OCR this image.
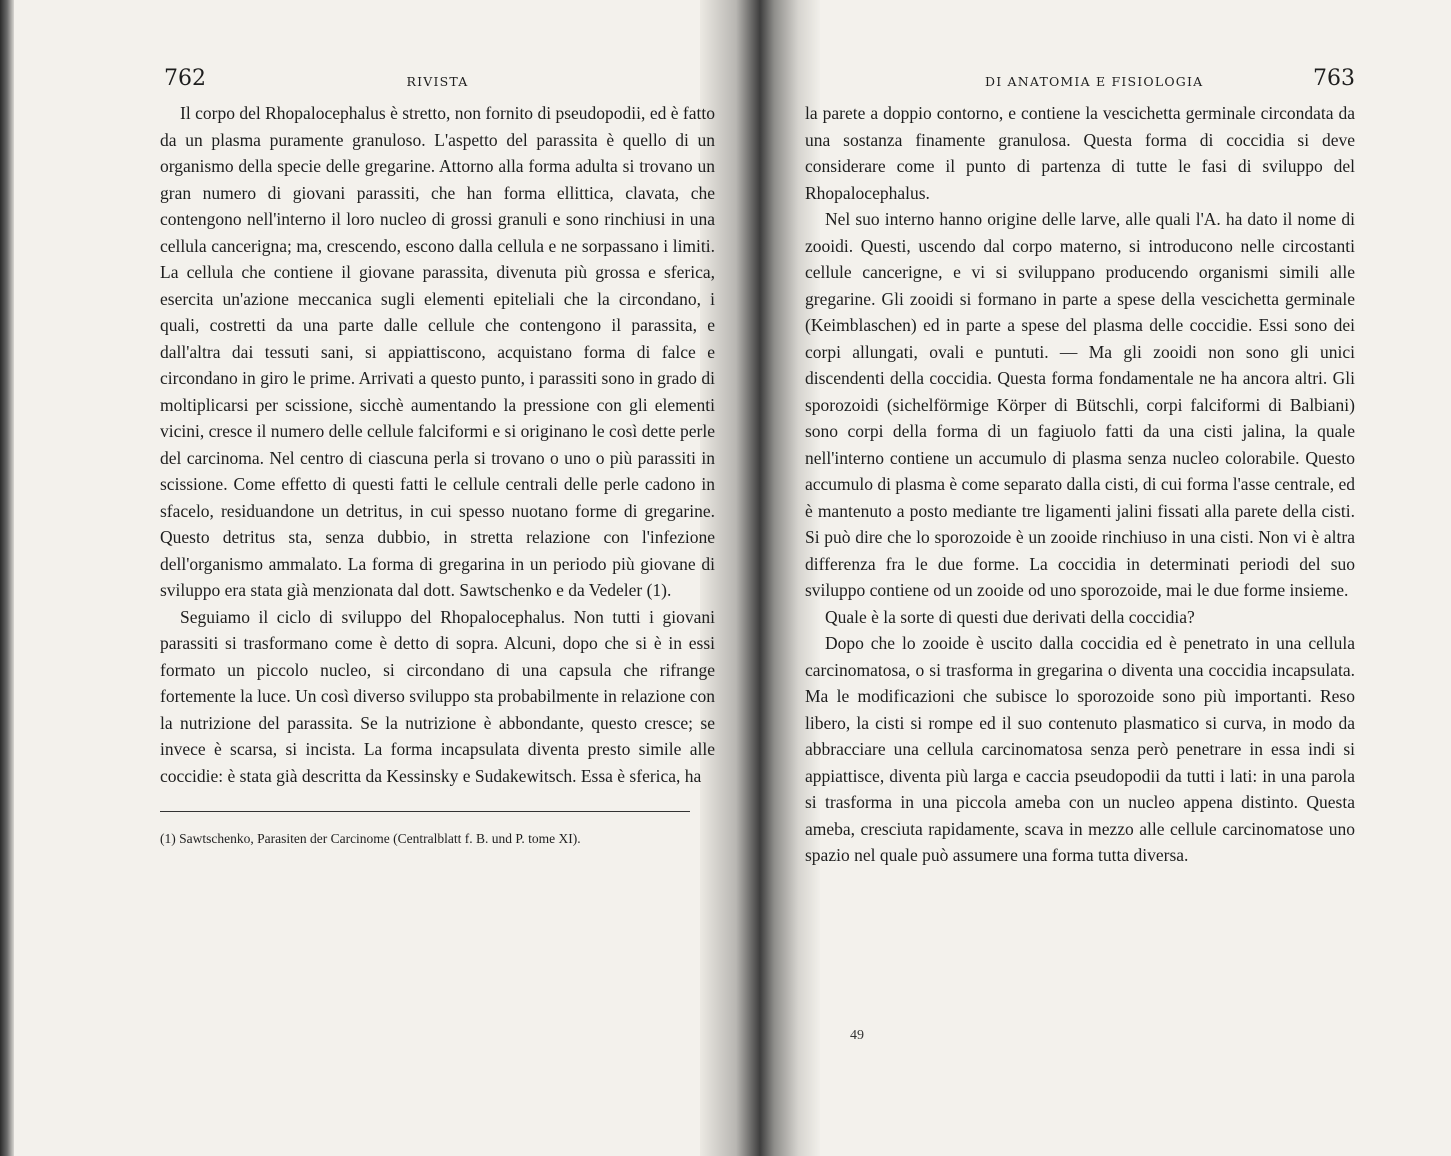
762	RIVISTA

Il corpo del Rhopalocephalus è stretto, non fornito di pseudopodii, ed è fatto da un plasma puramente granuloso. L'aspetto del parassita è quello di un organismo della specie delle gregarine. Attorno alla forma adulta si trovano un gran numero di giovani parassiti, che han forma ellittica, clavata, che contengono nell'interno il loro nucleo di grossi granuli e sono rinchiusi in una cellula cancerigna; ma, crescendo, escono dalla cellula e ne sorpassano i limiti. La cellula che contiene il giovane parassita, divenuta più grossa e sferica, esercita un'azione meccanica sugli elementi epiteliali che la circondano, i quali, costretti da una parte dalle cellule che contengono il parassita, e dall'altra dai tessuti sani, si appiattiscono, acquistano forma di falce e circondano in giro le prime. Arrivati a questo punto, i parassiti sono in grado di moltiplicarsi per scissione, sicchè aumentando la pressione con gli elementi vicini, cresce il numero delle cellule falciformi e si originano le così dette perle del carcinoma. Nel centro di ciascuna perla si trovano o uno o più parassiti in scissione. Come effetto di questi fatti le cellule centrali delle perle cadono in sfacelo, residuandone un detritus, in cui spesso nuotano forme di gregarine. Questo detritus sta, senza dubbio, in stretta relazione con l'infezione dell'organismo ammalato. La forma di gregarina in un periodo più giovane di sviluppo era stata già menzionata dal dott. Sawtschenko e da Vedeler (1).

Seguiamo il ciclo di sviluppo del Rhopalocephalus. Non tutti i giovani parassiti si trasformano come è detto di sopra. Alcuni, dopo che si è in essi formato un piccolo nucleo, si circondano di una capsula che rifrange fortemente la luce. Un così diverso sviluppo sta probabilmente in relazione con la nutrizione del parassita. Se la nutrizione è abbondante, questo cresce; se invece è scarsa, si incista. La forma incapsulata diventa presto simile alle coccidie: è stata già descritta da Kessinsky e Sudakewitsch. Essa è sferica, ha

(1) Sawtschenko, Parasiten der Carcinome (Centralblatt f. B. und P. tome XI).
DI ANATOMIA E FISIOLOGIA	763

la parete a doppio contorno, e contiene la vescichetta germinale circondata da una sostanza finamente granulosa. Questa forma di coccidia si deve considerare come il punto di partenza di tutte le fasi di sviluppo del Rhopalocephalus.

Nel suo interno hanno origine delle larve, alle quali l'A. ha dato il nome di zooidi. Questi, uscendo dal corpo materno, si introducono nelle circostanti cellule cancerigne, e vi si sviluppano producendo organismi simili alle gregarine. Gli zooidi si formano in parte a spese della vescichetta germinale (Keimblaschen) ed in parte a spese del plasma delle coccidie. Essi sono dei corpi allungati, ovali e puntuti. — Ma gli zooidi non sono gli unici discendenti della coccidia. Questa forma fondamentale ne ha ancora altri. Gli sporozoidi (sichelförmige Körper di Bütschli, corpi falciformi di Balbiani) sono corpi della forma di un fagiuolo fatti da una cisti jalina, la quale nell'interno contiene un accumulo di plasma senza nucleo colorabile. Questo accumulo di plasma è come separato dalla cisti, di cui forma l'asse centrale, ed è mantenuto a posto mediante tre ligamenti jalini fissati alla parete della cisti. Si può dire che lo sporozoide è un zooide rinchiuso in una cisti. Non vi è altra differenza fra le due forme. La coccidia in determinati periodi del suo sviluppo contiene od un zooide od uno sporozoide, mai le due forme insieme.

Quale è la sorte di questi due derivati della coccidia?

Dopo che lo zooide è uscito dalla coccidia ed è penetrato in una cellula carcinomatosa, o si trasforma in gregarina o diventa una coccidia incapsulata. Ma le modificazioni che subisce lo sporozoide sono più importanti. Reso libero, la cisti si rompe ed il suo contenuto plasmatico si curva, in modo da abbracciare una cellula carcinomatosa senza però penetrare in essa indi si appiattisce, diventa più larga e caccia pseudopodii da tutti i lati: in una parola si trasforma in una piccola ameba con un nucleo appena distinto. Questa ameba, cresciuta rapidamente, scava in mezzo alle cellule carcinomatose uno spazio nel quale può assumere una forma tutta diversa.

49
